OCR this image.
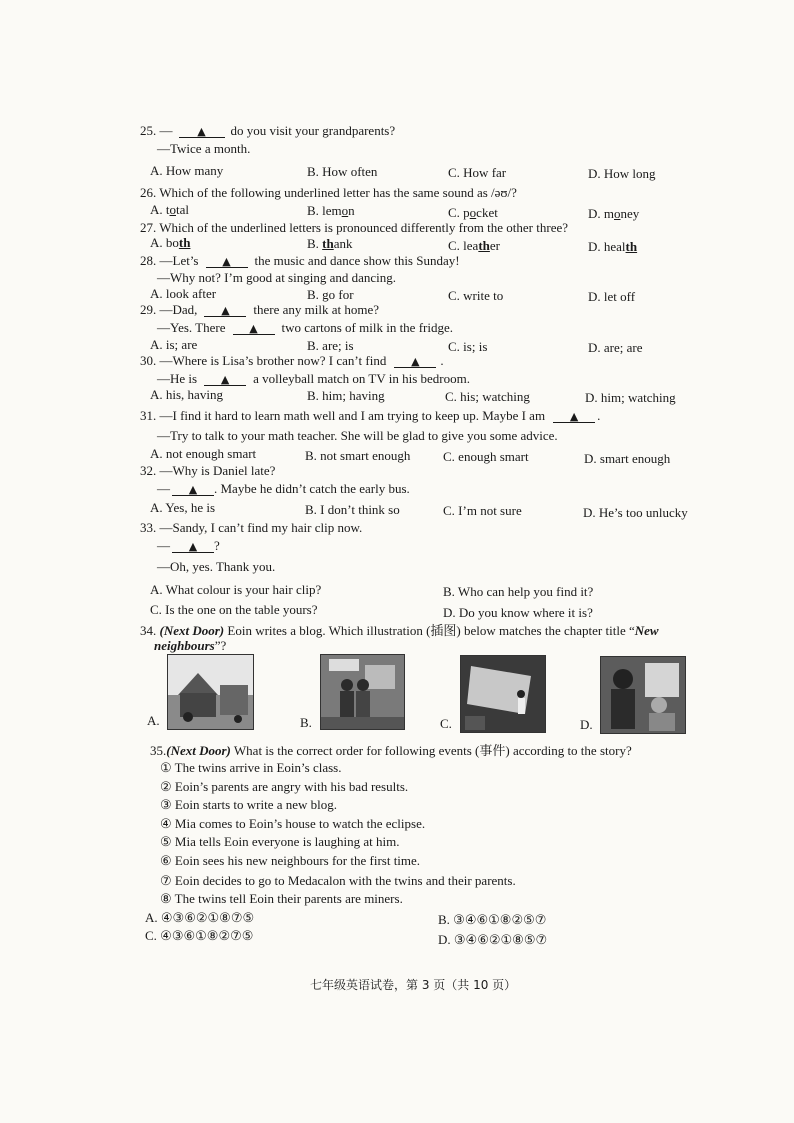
25. — ▲ do you visit your grandparents?
—Twice a month.
A. How many	B. How often	C. How far	D. How long
26. Which of the following underlined letter has the same sound as /əʊ/?
A. total	B. lemon	C. pocket	D. money
27. Which of the underlined letters is pronounced differently from the other three?
A. both	B. thank	C. leather	D. health
28. —Let’s ▲ the music and dance show this Sunday!
—Why not? I’m good at singing and dancing.
A. look after	B. go for	C. write to	D. let off
29. —Dad, ▲ there any milk at home?
—Yes. There ▲ two cartons of milk in the fridge.
A. is; are	B. are; is	C. is; is	D. are; are
30. —Where is Lisa’s brother now? I can’t find ▲ .
—He is ▲ a volleyball match on TV in his bedroom.
A. his, having	B. him; having	C. his; watching	D. him; watching
31. —I find it hard to learn math well and I am trying to keep up. Maybe I am ▲ .
—Try to talk to your math teacher. She will be glad to give you some advice.
A. not enough smart	B. not smart enough	C. enough smart	D. smart enough
32. —Why is Daniel late?
— ▲ . Maybe he didn’t catch the early bus.
A. Yes, he is	B. I don’t think so	C. I’m not sure	D. He’s too unlucky
33. —Sandy, I can’t find my hair clip now.
— ▲ ?
—Oh, yes. Thank you.
A. What colour is your hair clip?	B. Who can help you find it?
C. Is the one on the table yours?	D. Do you know where it is?
34. (Next Door) Eoin writes a blog. Which illustration (插图) below matches the chapter title “New
neighbours”?
A.	B.	C.	D.
35.(Next Door) What is the correct order for following events (事件) according to the story?
① The twins arrive in Eoin’s class.
② Eoin’s parents are angry with his bad results.
③ Eoin starts to write a new blog.
④ Mia comes to Eoin’s house to watch the eclipse.
⑤ Mia tells Eoin everyone is laughing at him.
⑥ Eoin sees his new neighbours for the first time.
⑦ Eoin decides to go to Medacalon with the twins and their parents.
⑧ The twins tell Eoin their parents are miners.
A. ④③⑥②①⑧⑦⑤	B. ③④⑥①⑧②⑤⑦
C. ④③⑥①⑧②⑦⑤	D. ③④⑥②①⑧⑤⑦
七年级英语试卷，第 3 页（共 10 页）
